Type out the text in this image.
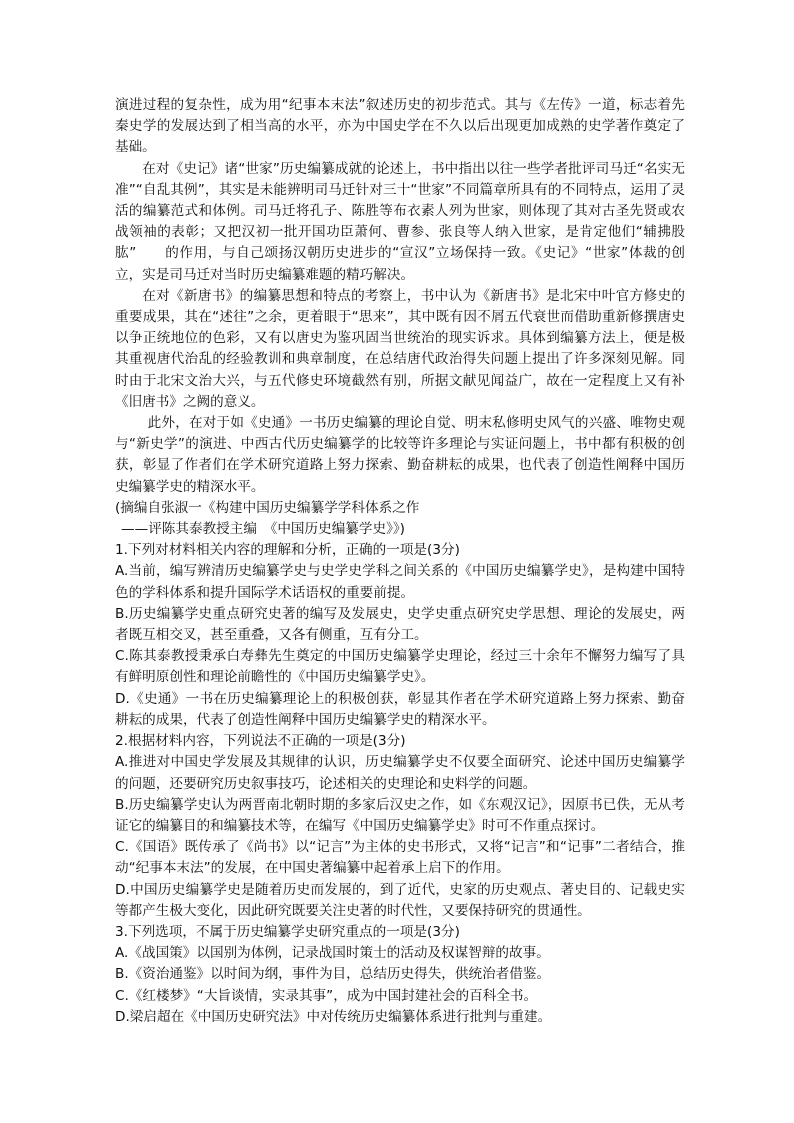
演进过程的复杂性，成为用“纪事本末法”叙述历史的初步范式。其与《左传》一道，标志着先秦史学的发展达到了相当高的水平，亦为中国史学在不久以后出现更加成熟的史学著作奠定了基础。

在对《史记》诸“世家”历史编纂成就的论述上，书中指出以往一些学者批评司马迁“名实无准”“自乱其例”，其实是未能辨明司马迁针对三十“世家”不同篇章所具有的不同特点，运用了灵活的编纂范式和体例。司马迁将孔子、陈胜等布衣素人列为世家，则体现了其对古圣先贤或农战领袖的表彰；又把汉初一批开国功臣萧何、曹参、张良等人纳入世家，是肯定他们“辅拂股肱”　　的作用，与自己颂扬汉朝历史进步的“宣汉”立场保持一致。《史记》“世家”体裁的创立，实是司马迁对当时历史编纂难题的精巧解决。

在对《新唐书》的编纂思想和特点的考察上，书中认为《新唐书》是北宋中叶官方修史的重要成果，其在“述往”之余，更着眼于“思来”，其中既有因不屑五代衰世而借助重新修撰唐史以争正统地位的色彩，又有以唐史为鉴巩固当世统治的现实诉求。具体到编纂方法上，便是极其重视唐代治乱的经验教训和典章制度，在总结唐代政治得失问题上提出了许多深刻见解。同时由于北宋文治大兴，与五代修史环境截然有别，所据文献见闻益广，故在一定程度上又有补《旧唐书》之阙的意义。

此外，在对于如《史通》一书历史编纂的理论自觉、明末私修明史风气的兴盛、唯物史观与“新史学”的演进、中西古代历史编纂学的比较等许多理论与实证问题上，书中都有积极的创获，彰显了作者们在学术研究道路上努力探索、勤奋耕耘的成果，也代表了创造性阐释中国历史编纂学史的精深水平。

(摘编自张淑一《构建中国历史编纂学学科体系之作

——评陈其泰教授主编　《中国历史编纂学史》》)

1.下列对材料相关内容的理解和分析，正确的一项是(3分)

A.当前，编写辨清历史编纂学史与史学史学科之间关系的《中国历史编纂学史》，是构建中国特色的学科体系和提升国际学术话语权的重要前提。

B.历史编纂学史重点研究史著的编写及发展史，史学史重点研究史学思想、理论的发展史，两者既互相交叉，甚至重叠，又各有侧重，互有分工。

C.陈其泰教授秉承白寿彝先生奠定的中国历史编纂学史理论，经过三十余年不懈努力编写了具有鲜明原创性和理论前瞻性的《中国历史编纂学史》。

D.《史通》一书在历史编纂理论上的积极创获，彰显其作者在学术研究道路上努力探索、勤奋耕耘的成果，代表了创造性阐释中国历史编纂学史的精深水平。

2.根据材料内容，下列说法不正确的一项是(3分)

A.推进对中国史学发展及其规律的认识，历史编纂学史不仅要全面研究、论述中国历史编纂学的问题，还要研究历史叙事技巧，论述相关的史理论和史料学的问题。

B.历史编纂学史认为两晋南北朝时期的多家后汉史之作，如《东观汉记》，因原书已佚，无从考证它的编纂目的和编纂技术等，在编写《中国历史编纂学史》时可不作重点探讨。

C.《国语》既传承了《尚书》以“记言”为主体的史书形式，又将“记言”和“记事”二者结合，推动“纪事本末法”的发展，在中国史著编纂中起着承上启下的作用。

D.中国历史编纂学史是随着历史而发展的，到了近代，史家的历史观点、著史目的、记载史实等都产生极大变化，因此研究既要关注史著的时代性，又要保持研究的贯通性。

3.下列选项，不属于历史编纂学史研究重点的一项是(3分)

A.《战国策》以国别为体例，记录战国时策士的活动及权谋智辩的故事。

B.《资治通鉴》以时间为纲，事件为目，总结历史得失，供统治者借鉴。

C.《红楼梦》“大旨谈情，实录其事”，成为中国封建社会的百科全书。

D.梁启超在《中国历史研究法》中对传统历史编纂体系进行批判与重建。
